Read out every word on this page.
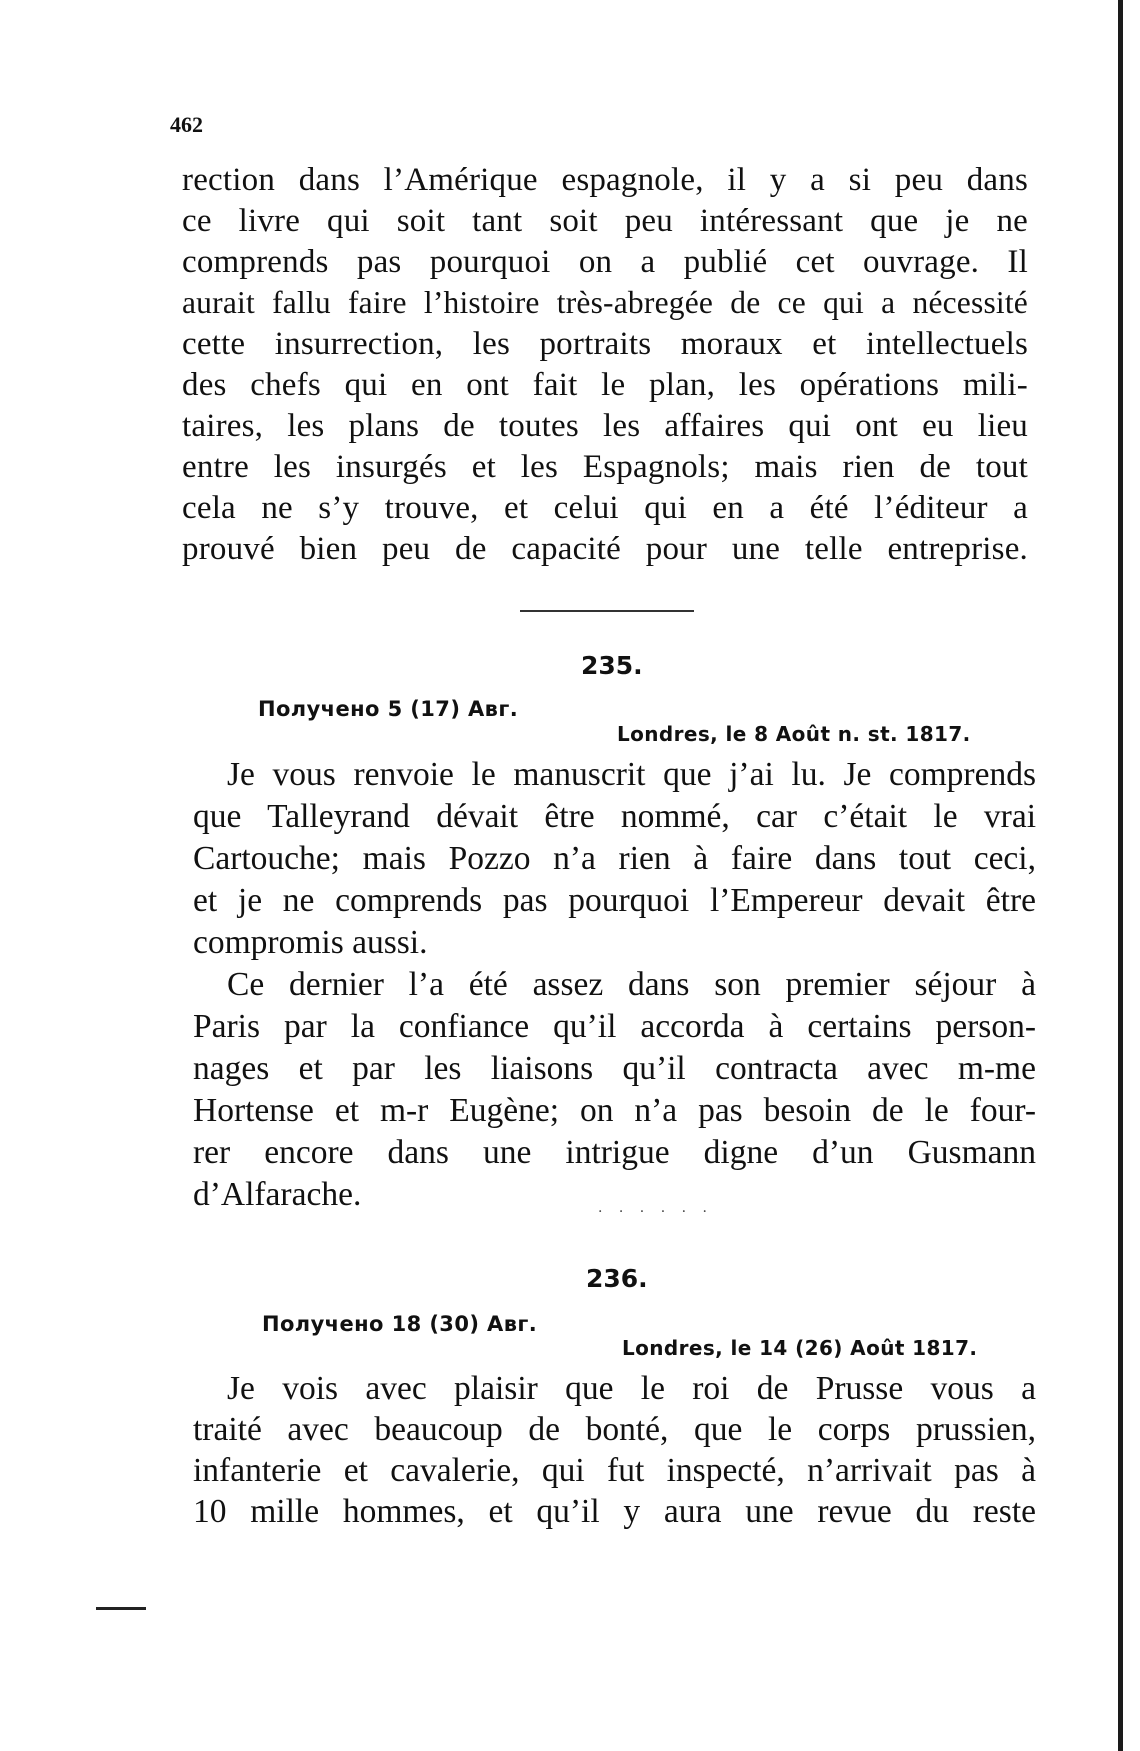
462
rection dans l’Amérique espagnole, il y a si peu dans
ce livre qui soit tant soit peu intéressant que je ne
comprends pas pourquoi on a publié cet ouvrage. Il
aurait fallu faire l’histoire très-abregée de ce qui a nécessité
cette insurrection, les portraits moraux et intellectuels
des chefs qui en ont fait le plan, les opérations mili-
taires, les plans de toutes les affaires qui ont eu lieu
entre les insurgés et les Espagnols; mais rien de tout
cela ne s’y trouve, et celui qui en a été l’éditeur a
prouvé bien peu de capacité pour une telle entreprise.
235.
Получено 5 (17) Авг.
Londres, le 8 Août n. st. 1817.
Je vous renvoie le manuscrit que j’ai lu. Je comprends
que Talleyrand dévait être nommé, car c’était le vrai
Cartouche; mais Pozzo n’a rien à faire dans tout ceci,
et je ne comprends pas pourquoi l’Empereur devait être
compromis aussi.
Ce dernier l’a été assez dans son premier séjour à
Paris par la confiance qu’il accorda à certains person-
nages et par les liaisons qu’il contracta avec m-me
Hortense et m-r Eugène; on n’a pas besoin de le four-
rer encore dans une intrigue digne d’un Gusmann
d’Alfarache.	· · · · · ·
236.
Получено 18 (30) Авг.
Londres, le 14 (26) Août 1817.
Je vois avec plaisir que le roi de Prusse vous a
traité avec beaucoup de bonté, que le corps prussien,
infanterie et cavalerie, qui fut inspecté, n’arrivait pas à
10 mille hommes, et qu’il y aura une revue du reste
